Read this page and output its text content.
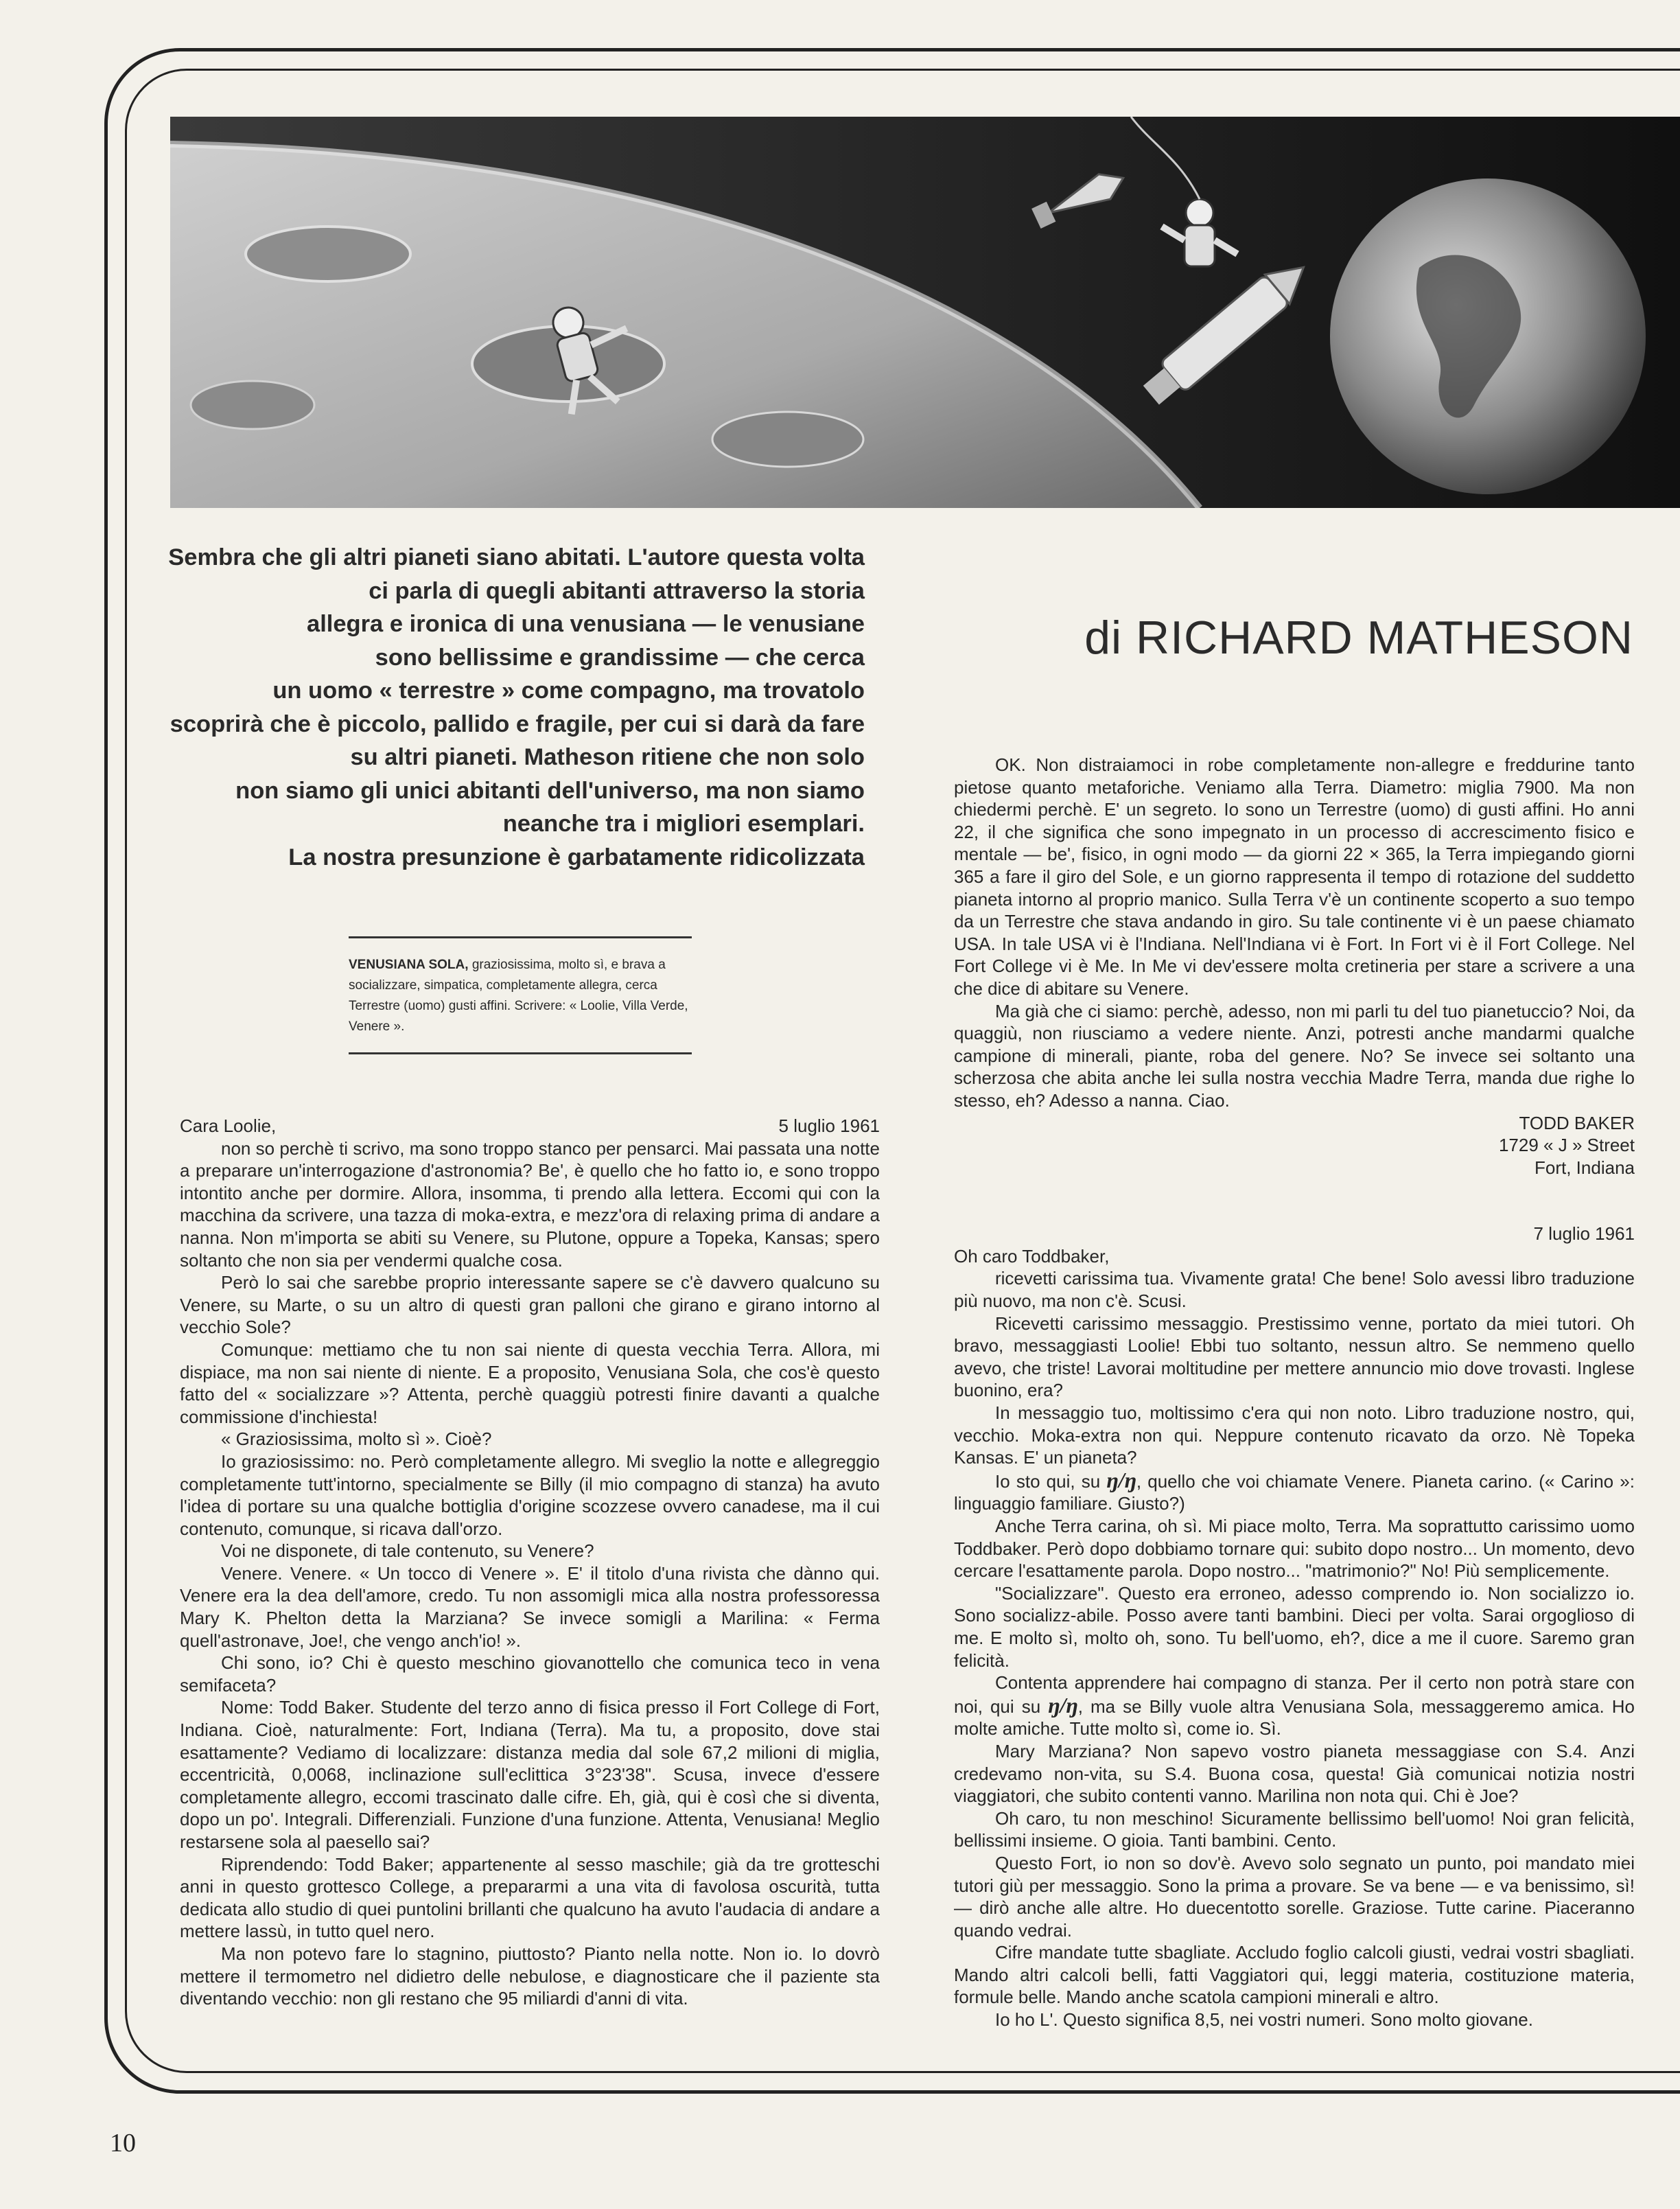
Sembra che gli altri pianeti siano abitati. L'autore questa volta
ci parla di quegli abitanti attraverso la storia
allegra e ironica di una venusiana — le venusiane
sono bellissime e grandissime — che cerca
un uomo « terrestre » come compagno, ma trovatolo
scoprirà che è piccolo, pallido e fragile, per cui si darà da fare
su altri pianeti. Matheson ritiene che non solo
non siamo gli unici abitanti dell'universo, ma non siamo
neanche tra i migliori esemplari.
La nostra presunzione è garbatamente ridicolizzata
di RICHARD MATHESON
VENUSIANA SOLA, graziosissima, molto sì, e brava a socializzare, simpatica, completamente allegra, cerca Terrestre (uomo) gusti affini. Scrivere: « Loolie, Villa Verde, Venere ».
Cara Loolie,	5 luglio 1961

non so perchè ti scrivo, ma sono troppo stanco per pensarci. Mai passata una notte a preparare un'interrogazione d'astronomia? Be', è quello che ho fatto io, e sono troppo intontito anche per dormire. Allora, insomma, ti prendo alla lettera. Eccomi qui con la macchina da scrivere, una tazza di moka-extra, e mezz'ora di relaxing prima di andare a nanna. Non m'importa se abiti su Venere, su Plutone, oppure a Topeka, Kansas; spero soltanto che non sia per vendermi qualche cosa.

Però lo sai che sarebbe proprio interessante sapere se c'è davvero qualcuno su Venere, su Marte, o su un altro di questi gran palloni che girano e girano intorno al vecchio Sole?

Comunque: mettiamo che tu non sai niente di questa vecchia Terra. Allora, mi dispiace, ma non sai niente di niente. E a proposito, Venusiana Sola, che cos'è questo fatto del « socializzare »? Attenta, perchè quaggiù potresti finire davanti a qualche commissione d'inchiesta!

« Graziosissima, molto sì ». Cioè?

Io graziosissimo: no. Però completamente allegro. Mi sveglio la notte e allegreggio completamente tutt'intorno, specialmente se Billy (il mio compagno di stanza) ha avuto l'idea di portare su una qualche bottiglia d'origine scozzese ovvero canadese, ma il cui contenuto, comunque, si ricava dall'orzo.

Voi ne disponete, di tale contenuto, su Venere?

Venere. Venere. « Un tocco di Venere ». E' il titolo d'una rivista che dànno qui. Venere era la dea dell'amore, credo. Tu non assomigli mica alla nostra professoressa Mary K. Phelton detta la Marziana? Se invece somigli a Marilina: « Ferma quell'astronave, Joe!, che vengo anch'io! ».

Chi sono, io? Chi è questo meschino giovanottello che comunica teco in vena semifaceta?

Nome: Todd Baker. Studente del terzo anno di fisica presso il Fort College di Fort, Indiana. Cioè, naturalmente: Fort, Indiana (Terra). Ma tu, a proposito, dove stai esattamente? Vediamo di localizzare: distanza media dal sole 67,2 milioni di miglia, eccentricità, 0,0068, inclinazione sull'eclittica 3°23'38". Scusa, invece d'essere completamente allegro, eccomi trascinato dalle cifre. Eh, già, qui è così che si diventa, dopo un po'. Integrali. Differenziali. Funzione d'una funzione. Attenta, Venusiana! Meglio restarsene sola al paesello sai?

Riprendendo: Todd Baker; appartenente al sesso maschile; già da tre grotteschi anni in questo grottesco College, a prepararmi a una vita di favolosa oscurità, tutta dedicata allo studio di quei puntolini brillanti che qualcuno ha avuto l'audacia di andare a mettere lassù, in tutto quel nero.

Ma non potevo fare lo stagnino, piuttosto? Pianto nella notte. Non io. Io dovrò mettere il termometro nel didietro delle nebulose, e diagnosticare che il paziente sta diventando vecchio: non gli restano che 95 miliardi d'anni di vita.

OK. Non distraiamoci in robe completamente non-allegre e freddurine tanto pietose quanto metaforiche. Veniamo alla Terra. Diametro: miglia 7900. Ma non chiedermi perchè. E' un segreto. Io sono un Terrestre (uomo) di gusti affini. Ho anni 22, il che significa che sono impegnato in un processo di accrescimento fisico e mentale — be', fisico, in ogni modo — da giorni 22 × 365, la Terra impiegando giorni 365 a fare il giro del Sole, e un giorno rappresenta il tempo di rotazione del suddetto pianeta intorno al proprio manico. Sulla Terra v'è un continente scoperto a suo tempo da un Terrestre che stava andando in giro. Su tale continente vi è un paese chiamato USA. In tale USA vi è l'Indiana. Nell'Indiana vi è Fort. In Fort vi è il Fort College. Nel Fort College vi è Me. In Me vi dev'essere molta cretineria per stare a scrivere a una che dice di abitare su Venere.

Ma già che ci siamo: perchè, adesso, non mi parli tu del tuo pianetuccio? Noi, da quaggiù, non riusciamo a vedere niente. Anzi, potresti anche mandarmi qualche campione di minerali, piante, roba del genere. No? Se invece sei soltanto una scherzosa che abita anche lei sulla nostra vecchia Madre Terra, manda due righe lo stesso, eh? Adesso a nanna. Ciao.

TODD BAKER
1729 « J » Street
Fort, Indiana
7 luglio 1961
Oh caro Toddbaker,

ricevetti carissima tua. Vivamente grata! Che bene! Solo avessi libro traduzione più nuovo, ma non c'è. Scusi.

Ricevetti carissimo messaggio. Prestissimo venne, portato da miei tutori. Oh bravo, messaggiasti Loolie! Ebbi tuo soltanto, nessun altro. Se nemmeno quello avevo, che triste! Lavorai moltitudine per mettere annuncio mio dove trovasti. Inglese buonino, era?

In messaggio tuo, moltissimo c'era qui non noto. Libro traduzione nostro, qui, vecchio. Moka-extra non qui. Neppure contenuto ricavato da orzo. Nè Topeka Kansas. E' un pianeta?

Io sto qui, su ŋ/ŋ, quello che voi chiamate Venere. Pianeta carino. (« Carino »: linguaggio familiare. Giusto?)

Anche Terra carina, oh sì. Mi piace molto, Terra. Ma soprattutto carissimo uomo Toddbaker. Però dopo dobbiamo tornare qui: subito dopo nostro... Un momento, devo cercare l'esattamente parola. Dopo nostro... "matrimonio?" No! Più semplicemente.

"Socializzare". Questo era erroneo, adesso comprendo io. Non socializzo io. Sono socializz-abile. Posso avere tanti bambini. Dieci per volta. Sarai orgoglioso di me. E molto sì, molto oh, sono. Tu bell'uomo, eh?, dice a me il cuore. Saremo gran felicità.

Contenta apprendere hai compagno di stanza. Per il certo non potrà stare con noi, qui su ŋ/ŋ, ma se Billy vuole altra Venusiana Sola, messaggeremo amica. Ho molte amiche. Tutte molto sì, come io. Sì.

Mary Marziana? Non sapevo vostro pianeta messaggiase con S.4. Anzi credevamo non-vita, su S.4. Buona cosa, questa! Già comunicai notizia nostri viaggiatori, che subito contenti vanno. Marilina non nota qui. Chi è Joe?

Oh caro, tu non meschino! Sicuramente bellissimo bell'uomo! Noi gran felicità, bellissimi insieme. O gioia. Tanti bambini. Cento.

Questo Fort, io non so dov'è. Avevo solo segnato un punto, poi mandato miei tutori giù per messaggio. Sono la prima a provare. Se va bene — e va benissimo, sì! — dirò anche alle altre. Ho duecentotto sorelle. Graziose. Tutte carine. Piaceranno quando vedrai.

Cifre mandate tutte sbagliate. Accludo foglio calcoli giusti, vedrai vostri sbagliati. Mando altri calcoli belli, fatti Vaggiatori qui, leggi materia, costituzione materia, formule belle. Mando anche scatola campioni minerali e altro.

Io ho L'. Questo significa 8,5, nei vostri numeri. Sono molto giovane.

10
